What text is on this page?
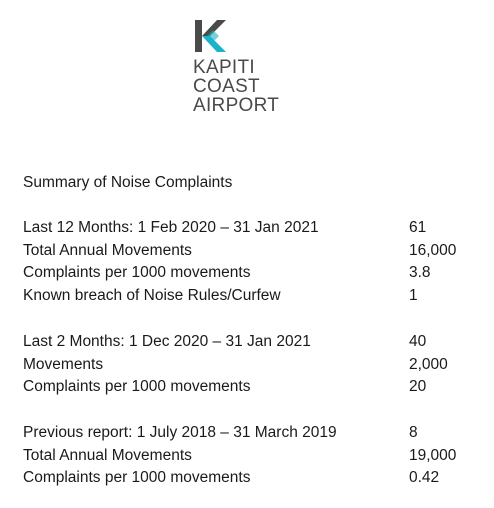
KAPITI
COAST
AIRPORT
Summary of Noise Complaints
Last 12 Months: 1 Feb 2020 – 31 Jan 2021	61
Total Annual Movements	16,000
Complaints per 1000 movements	3.8
Known breach of Noise Rules/Curfew	1
Last 2 Months: 1 Dec 2020 – 31 Jan 2021	40
Movements	2,000
Complaints per 1000 movements	20
Previous report: 1 July 2018 – 31 March 2019	8
Total Annual Movements	19,000
Complaints per 1000 movements	0.42
